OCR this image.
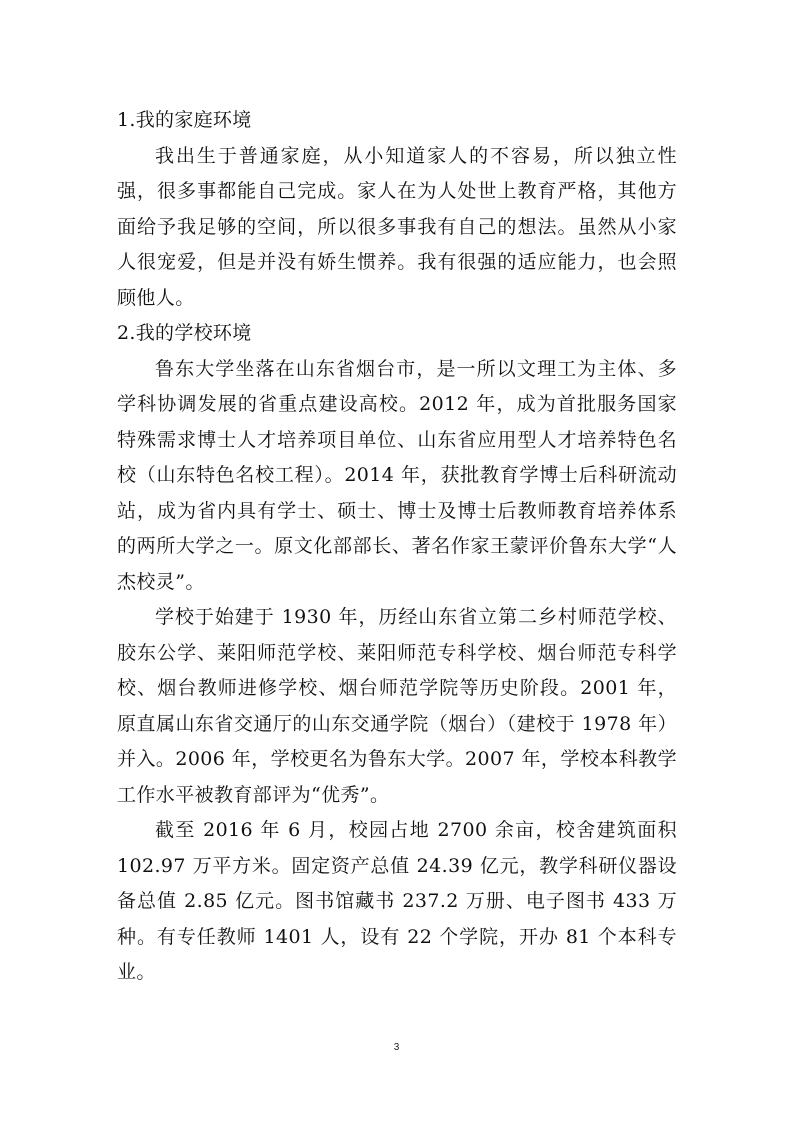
1.我的家庭环境

我出生于普通家庭，从小知道家人的不容易，所以独立性强，很多事都能自己完成。家人在为人处世上教育严格，其他方面给予我足够的空间，所以很多事我有自己的想法。虽然从小家人很宠爱，但是并没有娇生惯养。我有很强的适应能力，也会照顾他人。

2.我的学校环境

鲁东大学坐落在山东省烟台市，是一所以文理工为主体、多学科协调发展的省重点建设高校。2012 年，成为首批服务国家特殊需求博士人才培养项目单位、山东省应用型人才培养特色名校（山东特色名校工程）。2014 年，获批教育学博士后科研流动站，成为省内具有学士、硕士、博士及博士后教师教育培养体系的两所大学之一。原文化部部长、著名作家王蒙评价鲁东大学“人杰校灵”。

学校于始建于 1930 年，历经山东省立第二乡村师范学校、胶东公学、莱阳师范学校、莱阳师范专科学校、烟台师范专科学校、烟台教师进修学校、烟台师范学院等历史阶段。2001 年，原直属山东省交通厅的山东交通学院（烟台）（建校于 1978 年）并入。2006 年，学校更名为鲁东大学。2007 年，学校本科教学工作水平被教育部评为“优秀”。

截至 2016 年 6 月，校园占地 2700 余亩，校舍建筑面积 102.97 万平方米。固定资产总值 24.39 亿元，教学科研仪器设备总值 2.85 亿元。图书馆藏书 237.2 万册、电子图书 433 万种。有专任教师 1401 人，设有 22 个学院，开办 81 个本科专业。

3
